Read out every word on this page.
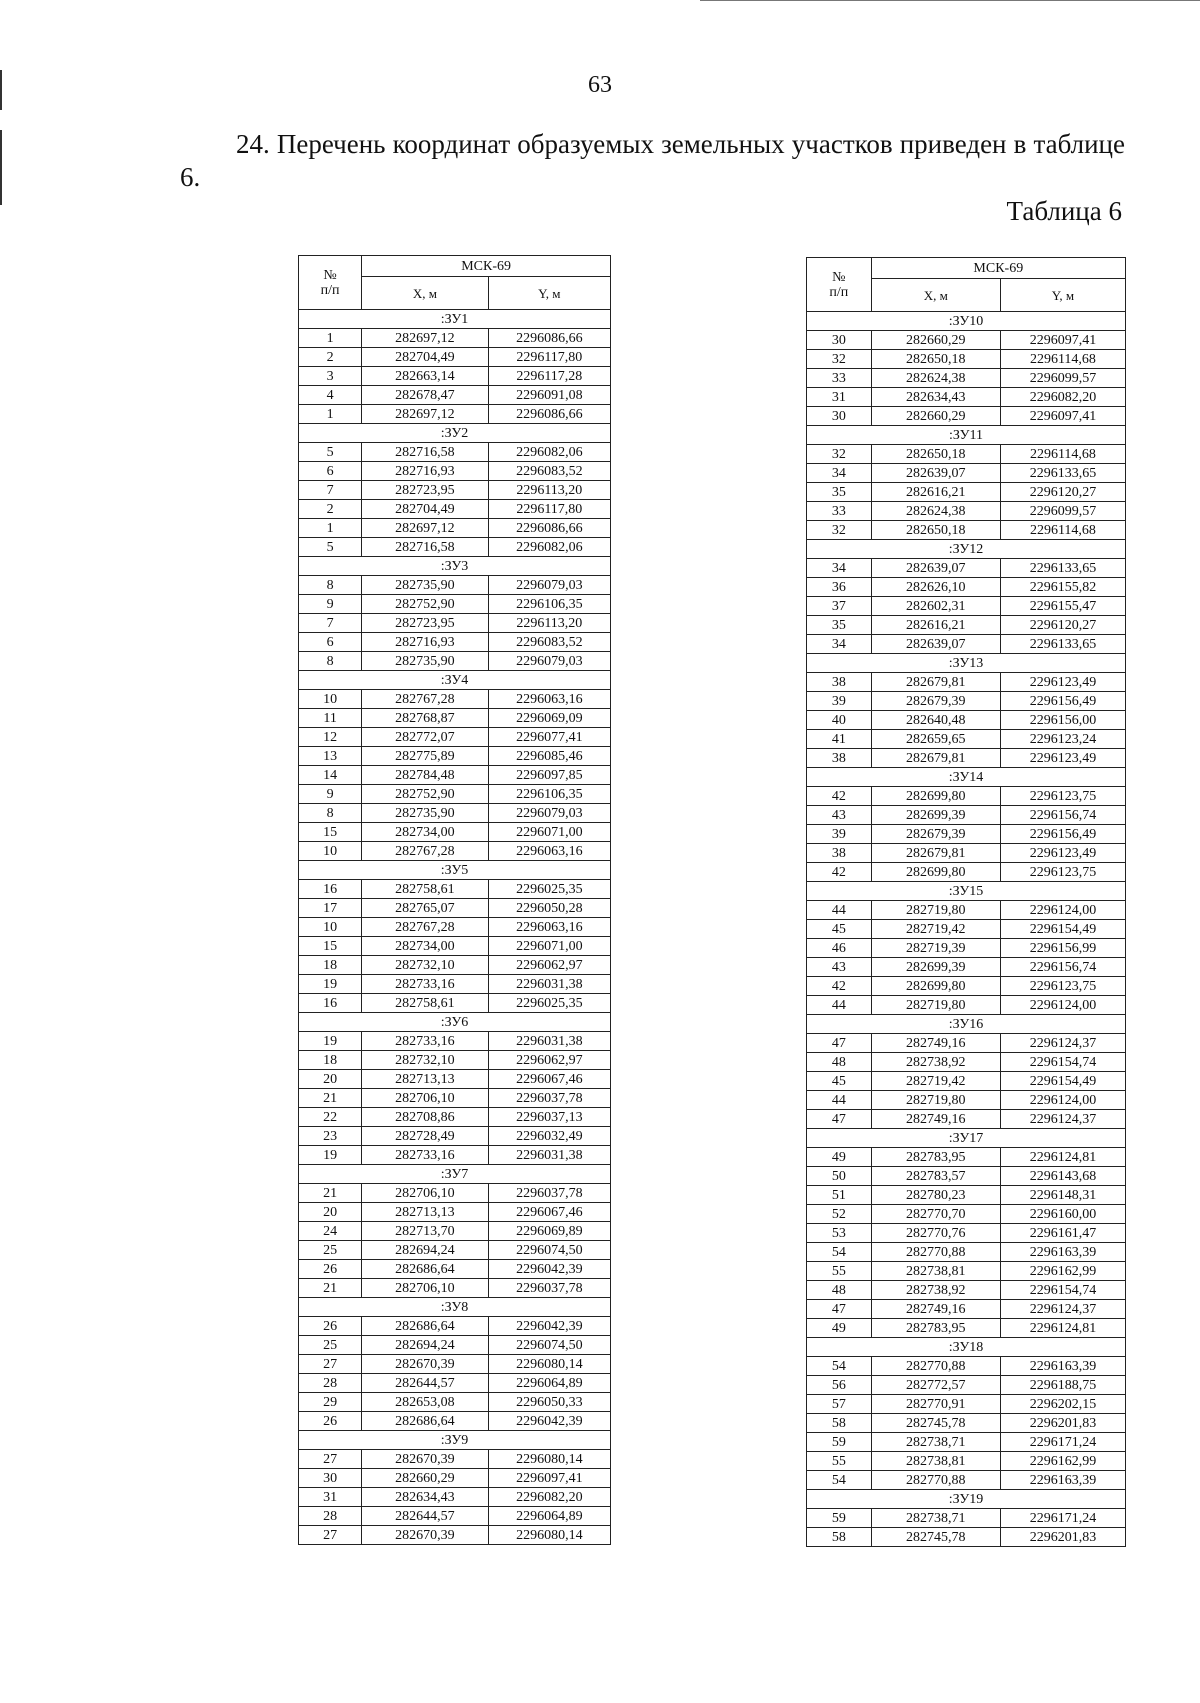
63
24. Перечень координат образуемых земельных участков приведен в таблице 6.
Таблица 6
№
п/п	МСК-69	
	X, м	Y, м
:ЗУ1		
1	282697,12	2296086,66
2	282704,49	2296117,80
3	282663,14	2296117,28
4	282678,47	2296091,08
1	282697,12	2296086,66
:ЗУ2		
5	282716,58	2296082,06
6	282716,93	2296083,52
7	282723,95	2296113,20
2	282704,49	2296117,80
1	282697,12	2296086,66
5	282716,58	2296082,06
:ЗУ3		
8	282735,90	2296079,03
9	282752,90	2296106,35
7	282723,95	2296113,20
6	282716,93	2296083,52
8	282735,90	2296079,03
:ЗУ4		
10	282767,28	2296063,16
11	282768,87	2296069,09
12	282772,07	2296077,41
13	282775,89	2296085,46
14	282784,48	2296097,85
9	282752,90	2296106,35
8	282735,90	2296079,03
15	282734,00	2296071,00
10	282767,28	2296063,16
:ЗУ5		
16	282758,61	2296025,35
17	282765,07	2296050,28
10	282767,28	2296063,16
15	282734,00	2296071,00
18	282732,10	2296062,97
19	282733,16	2296031,38
16	282758,61	2296025,35
:ЗУ6		
19	282733,16	2296031,38
18	282732,10	2296062,97
20	282713,13	2296067,46
21	282706,10	2296037,78
22	282708,86	2296037,13
23	282728,49	2296032,49
19	282733,16	2296031,38
:ЗУ7		
21	282706,10	2296037,78
20	282713,13	2296067,46
24	282713,70	2296069,89
25	282694,24	2296074,50
26	282686,64	2296042,39
21	282706,10	2296037,78
:ЗУ8		
26	282686,64	2296042,39
25	282694,24	2296074,50
27	282670,39	2296080,14
28	282644,57	2296064,89
29	282653,08	2296050,33
26	282686,64	2296042,39
:ЗУ9		
27	282670,39	2296080,14
30	282660,29	2296097,41
31	282634,43	2296082,20
28	282644,57	2296064,89
27	282670,39	2296080,14
№
п/п	МСК-69	
	X, м	Y, м
:ЗУ10		
30	282660,29	2296097,41
32	282650,18	2296114,68
33	282624,38	2296099,57
31	282634,43	2296082,20
30	282660,29	2296097,41
:ЗУ11		
32	282650,18	2296114,68
34	282639,07	2296133,65
35	282616,21	2296120,27
33	282624,38	2296099,57
32	282650,18	2296114,68
:ЗУ12		
34	282639,07	2296133,65
36	282626,10	2296155,82
37	282602,31	2296155,47
35	282616,21	2296120,27
34	282639,07	2296133,65
:ЗУ13		
38	282679,81	2296123,49
39	282679,39	2296156,49
40	282640,48	2296156,00
41	282659,65	2296123,24
38	282679,81	2296123,49
:ЗУ14		
42	282699,80	2296123,75
43	282699,39	2296156,74
39	282679,39	2296156,49
38	282679,81	2296123,49
42	282699,80	2296123,75
:ЗУ15		
44	282719,80	2296124,00
45	282719,42	2296154,49
46	282719,39	2296156,99
43	282699,39	2296156,74
42	282699,80	2296123,75
44	282719,80	2296124,00
:ЗУ16		
47	282749,16	2296124,37
48	282738,92	2296154,74
45	282719,42	2296154,49
44	282719,80	2296124,00
47	282749,16	2296124,37
:ЗУ17		
49	282783,95	2296124,81
50	282783,57	2296143,68
51	282780,23	2296148,31
52	282770,70	2296160,00
53	282770,76	2296161,47
54	282770,88	2296163,39
55	282738,81	2296162,99
48	282738,92	2296154,74
47	282749,16	2296124,37
49	282783,95	2296124,81
:ЗУ18		
54	282770,88	2296163,39
56	282772,57	2296188,75
57	282770,91	2296202,15
58	282745,78	2296201,83
59	282738,71	2296171,24
55	282738,81	2296162,99
54	282770,88	2296163,39
:ЗУ19		
59	282738,71	2296171,24
58	282745,78	2296201,83
